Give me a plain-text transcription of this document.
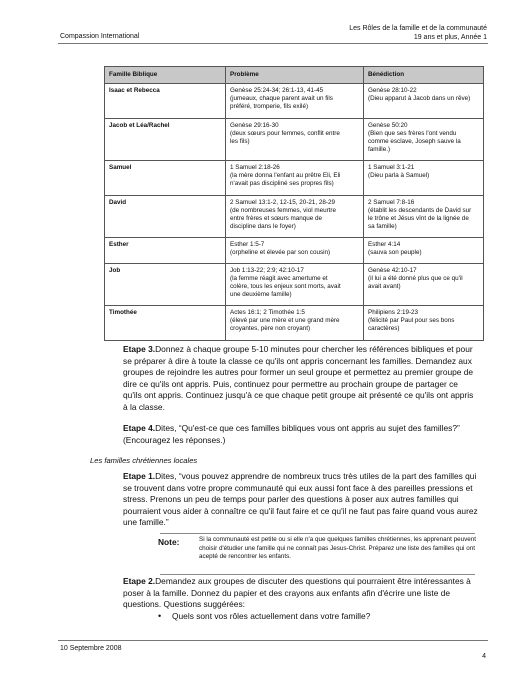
Compassion International
Les Rôles de la famille et de la communauté
19 ans et plus, Année 1
Famille Biblique	Problème	Bénédiction
Isaac et Rebecca	Genèse 25:24-34; 26:1-13, 41-45
(jumeaux, chaque parent avait un fils
préféré, tromperie, fils exilé)	Genèse 28:10-22
(Dieu apparut à Jacob dans un rêve)

Jacob et Léa/Rachel	Genèse 29:16-30
(deux sœurs pour femmes, conflit entre
les fils)	Genèse 50:20
(Bien que ses frères l'ont vendu
comme esclave, Joseph sauve la
famille.)

Samuel	1 Samuel 2:18-26
(la mère donna l'enfant au prêtre Eli, Eli
n'avait pas discipliné ses propres fils)	1 Samuel 3:1-21
(Dieu parla à Samuel)

David	2 Samuel 13:1-2, 12-15, 20-21, 28-29
(de nombreuses femmes, viol meurtre
entre frères et sœurs manque de
discipline dans le foyer)	2 Samuel 7:8-16
(établit les descendants de David sur
le trône et Jésus vînt de la lignée de
sa famille)

Esther	Esther 1:5-7
(orpheline et élevée par son cousin)	Esther 4:14
(sauva son peuple)

Job	Job 1:13-22; 2:9; 42:10-17
(la femme réagit avec amertume et
colère, tous les enjeux sont morts, avait
une deuxième famille)	Genèse 42:10-17
(il lui a été donné plus que ce qu'il
avait avant)

Timothée	Actes 16:1; 2 Timothée 1:5
(élevé par une mère et une grand mère
croyantes, père non croyant)	Philipiens 2:19-23
(félicité par Paul pour ses bons
caractères)
Etape 3.Donnez à chaque groupe 5-10 minutes pour chercher les références bibliques et pour se préparer à dire à toute la classe ce qu'ils ont appris concernant les familles. Demandez aux groupes de rejoindre les autres pour former un seul groupe et permettez au premier groupe de dire ce qu'ils ont appris. Puis, continuez pour permettre au prochain groupe de partager ce qu'ils ont appris. Continuez jusqu'à ce que chaque petit groupe ait présenté ce qu'ils ont appris à la classe.
Etape 4.Dites, “Qu'est-ce que ces familles bibliques vous ont appris au sujet des familles?” (Encouragez les réponses.)
Les familles chrétiennes locales
Etape 1.Dites, “vous pouvez apprendre de nombreux trucs très utiles de la part des familles qui se trouvent dans votre propre communauté qui eux aussi font face à des pareilles pressions et stress. Prenons un peu de temps pour parler des questions à poser aux autres familles qui pourraient vous aider à connaître ce qu'il faut faire et ce qu'il ne faut pas faire quand vous aurez une famille.”
Note:	Si la communauté est petite ou si elle n'a que quelques familles chrétiennes, les apprenant peuvent choisir d'étudier une famille qui ne connaît pas Jesus-Christ. Préparez une liste des familles qui ont acepté de rencontrer les enfants.
Etape 2.Demandez aux groupes de discuter des questions qui pourraient être intéressantes à poser à la famille. Donnez du papier et des crayons aux enfants afin d'écrire une liste de questions. Questions suggérées:
• Quels sont vos rôles actuellement dans votre famille?
10 Septembre 2008
4
